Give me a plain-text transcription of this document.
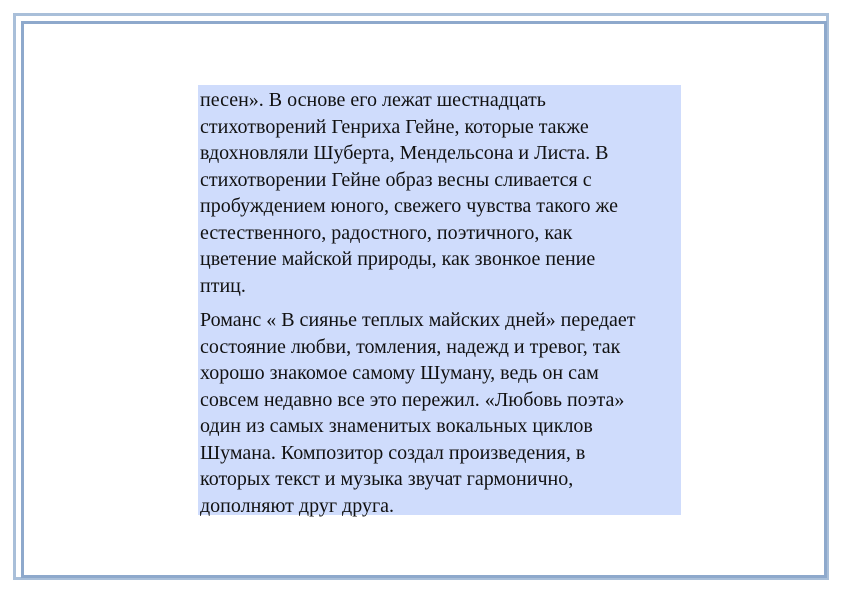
песен». В основе его лежат шестнадцать
стихотворений Генриха Гейне, которые также
вдохновляли Шуберта, Мендельсона и Листа. В
стихотворении Гейне образ весны сливается с
пробуждением юного, свежего чувства такого же
естественного, радостного, поэтичного, как
цветение майской природы, как звонкое пение
птиц.

Романс « В сиянье теплых майских дней» передает
состояние любви, томления, надежд и тревог, так
хорошо знакомое самому Шуману, ведь он сам
совсем недавно все это пережил. «Любовь поэта»
один из самых знаменитых вокальных циклов
Шумана. Композитор создал произведения, в
которых текст и музыка звучат гармонично,
дополняют друг друга.
